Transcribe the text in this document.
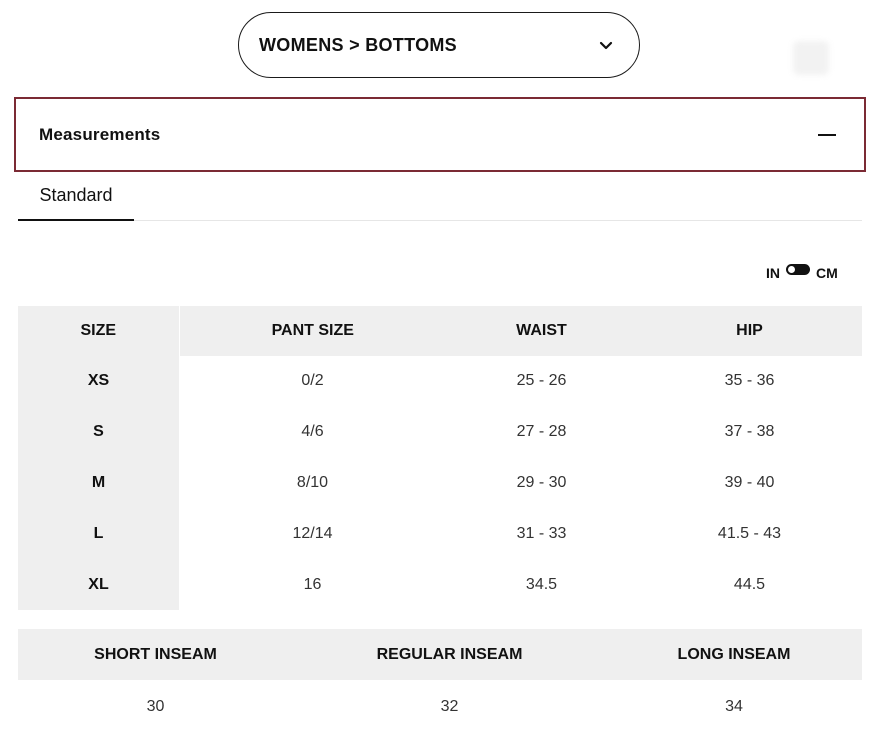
WOMENS > BOTTOMS
Measurements
Standard
IN	CM
SIZE	PANT SIZE	WAIST	HIP
XS	0/2	25 - 26	35 - 36
S	4/6	27 - 28	37 - 38
M	8/10	29 - 30	39 - 40
L	12/14	31 - 33	41.5 - 43
XL	16	34.5	44.5
SHORT INSEAM	REGULAR INSEAM	LONG INSEAM
30	32	34
